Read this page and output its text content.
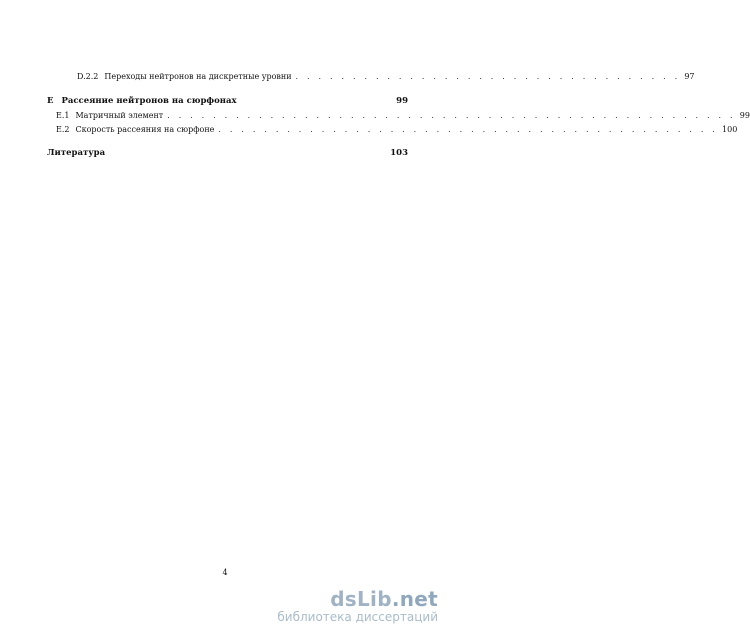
D.2.2 Переходы нейтронов на дискретные уровни . . . . . . . . . . . . . . . . . . . . . . . . . . . . . . . . . . 97
E Рассеяние нейтронов на сюрфонах	99
E.1 Матричный элемент . . . . . . . . . . . . . . . . . . . . . . . . . . . . . . . . . . . . . . . . . . . . . . . . . . 99
E.2 Скорость рассеяния на сюрфоне . . . . . . . . . . . . . . . . . . . . . . . . . . . . . . . . . . . . . . . . . . . . 100
Литература	103
4
dsLib.net
библиотека диссертаций
